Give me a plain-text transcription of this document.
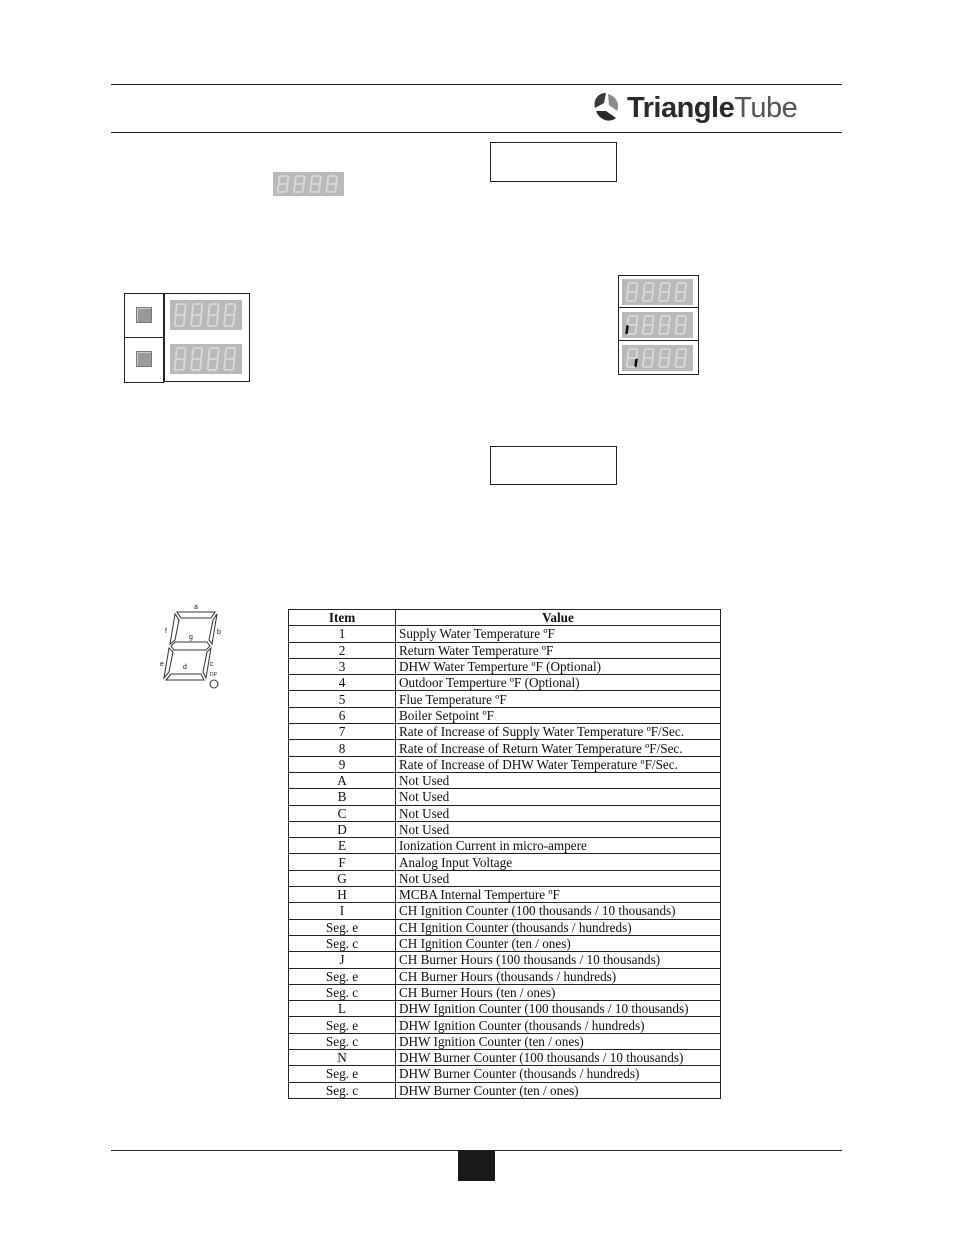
TriangleTube
a
b
c
d
e
f
g
DP
Item	Value
1	Supply Water Temperature ºF
2	Return Water Temperature ºF
3	DHW Water Temperture ºF (Optional)
4	Outdoor Temperture ºF (Optional)
5	Flue Temperature ºF
6	Boiler Setpoint ºF
7	Rate of Increase of Supply Water Temperature ºF/Sec.
8	Rate of Increase of Return Water Temperature ºF/Sec.
9	Rate of Increase of DHW Water Temperature ºF/Sec.
A	Not Used
B	Not Used
C	Not Used
D	Not Used
E	Ionization Current in micro-ampere
F	Analog Input Voltage
G	Not Used
H	MCBA Internal Temperture ºF
I	CH Ignition Counter (100 thousands / 10 thousands)
Seg. e	CH Ignition Counter (thousands / hundreds)
Seg. c	CH Ignition Counter (ten / ones)
J	CH Burner Hours (100 thousands / 10 thousands)
Seg. e	CH Burner Hours (thousands / hundreds)
Seg. c	CH Burner Hours (ten / ones)
L	DHW Ignition Counter (100 thousands / 10 thousands)
Seg. e	DHW Ignition Counter (thousands / hundreds)
Seg. c	DHW Ignition Counter (ten / ones)
N	DHW Burner Counter (100 thousands / 10 thousands)
Seg. e	DHW Burner Counter (thousands / hundreds)
Seg. c	DHW Burner Counter (ten / ones)
